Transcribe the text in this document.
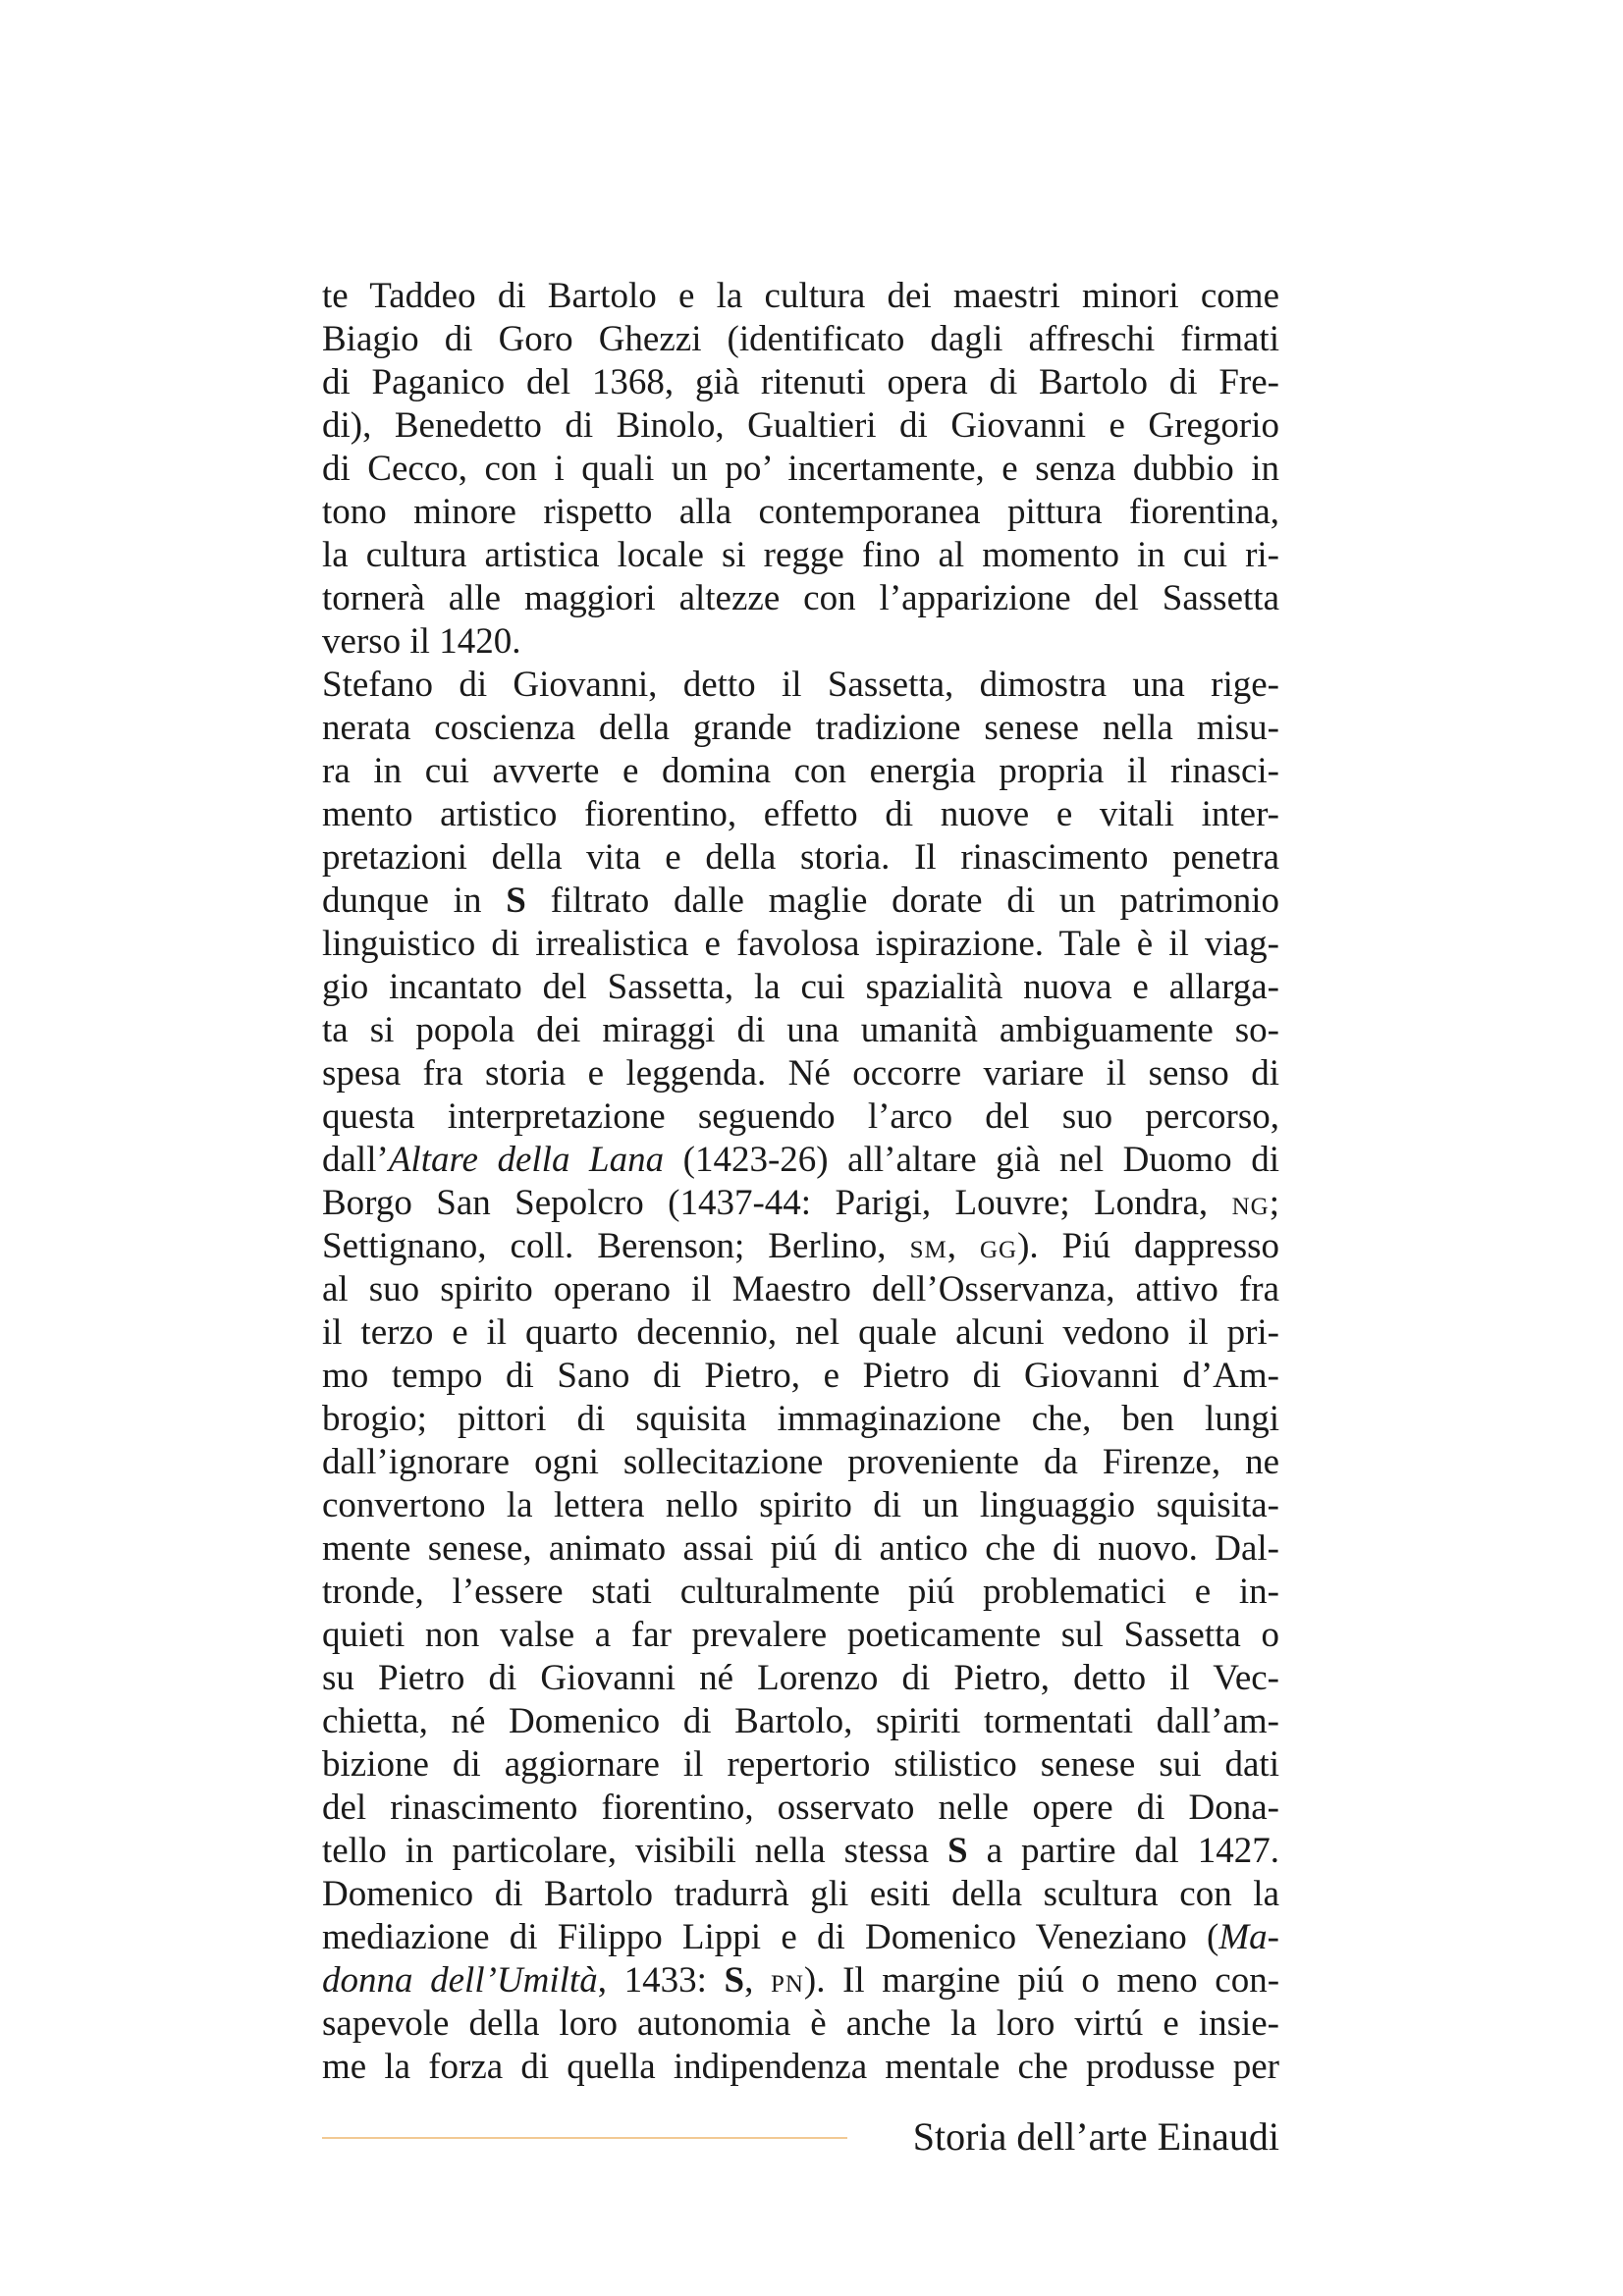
te Taddeo di Bartolo e la cultura dei maestri minori come
Biagio di Goro Ghezzi (identificato dagli affreschi firmati
di Paganico del 1368, già ritenuti opera di Bartolo di Fre-
di), Benedetto di Binolo, Gualtieri di Giovanni e Gregorio
di Cecco, con i quali un po’ incertamente, e senza dubbio in
tono minore rispetto alla contemporanea pittura fiorentina,
la cultura artistica locale si regge fino al momento in cui ri-
tornerà alle maggiori altezze con l’apparizione del Sassetta
verso il 1420.
Stefano di Giovanni, detto il Sassetta, dimostra una rige-
nerata coscienza della grande tradizione senese nella misu-
ra in cui avverte e domina con energia propria il rinasci-
mento artistico fiorentino, effetto di nuove e vitali inter-
pretazioni della vita e della storia. Il rinascimento penetra
dunque in S filtrato dalle maglie dorate di un patrimonio
linguistico di irrealistica e favolosa ispirazione. Tale è il viag-
gio incantato del Sassetta, la cui spazialità nuova e allarga-
ta si popola dei miraggi di una umanità ambiguamente so-
spesa fra storia e leggenda. Né occorre variare il senso di
questa interpretazione seguendo l’arco del suo percorso,
dall’Altare della Lana (1423-26) all’altare già nel Duomo di
Borgo San Sepolcro (1437-44: Parigi, Louvre; Londra, NG;
Settignano, coll. Berenson; Berlino, SM, GG). Piú dappresso
al suo spirito operano il Maestro dell’Osservanza, attivo fra
il terzo e il quarto decennio, nel quale alcuni vedono il pri-
mo tempo di Sano di Pietro, e Pietro di Giovanni d’Am-
brogio; pittori di squisita immaginazione che, ben lungi
dall’ignorare ogni sollecitazione proveniente da Firenze, ne
convertono la lettera nello spirito di un linguaggio squisita-
mente senese, animato assai piú di antico che di nuovo. Dal-
tronde, l’essere stati culturalmente piú problematici e in-
quieti non valse a far prevalere poeticamente sul Sassetta o
su Pietro di Giovanni né Lorenzo di Pietro, detto il Vec-
chietta, né Domenico di Bartolo, spiriti tormentati dall’am-
bizione di aggiornare il repertorio stilistico senese sui dati
del rinascimento fiorentino, osservato nelle opere di Dona-
tello in particolare, visibili nella stessa S a partire dal 1427.
Domenico di Bartolo tradurrà gli esiti della scultura con la
mediazione di Filippo Lippi e di Domenico Veneziano (Ma-
donna dell’Umiltà, 1433: S, PN). Il margine piú o meno con-
sapevole della loro autonomia è anche la loro virtú e insie-
me la forza di quella indipendenza mentale che produsse per
Storia dell’arte Einaudi
